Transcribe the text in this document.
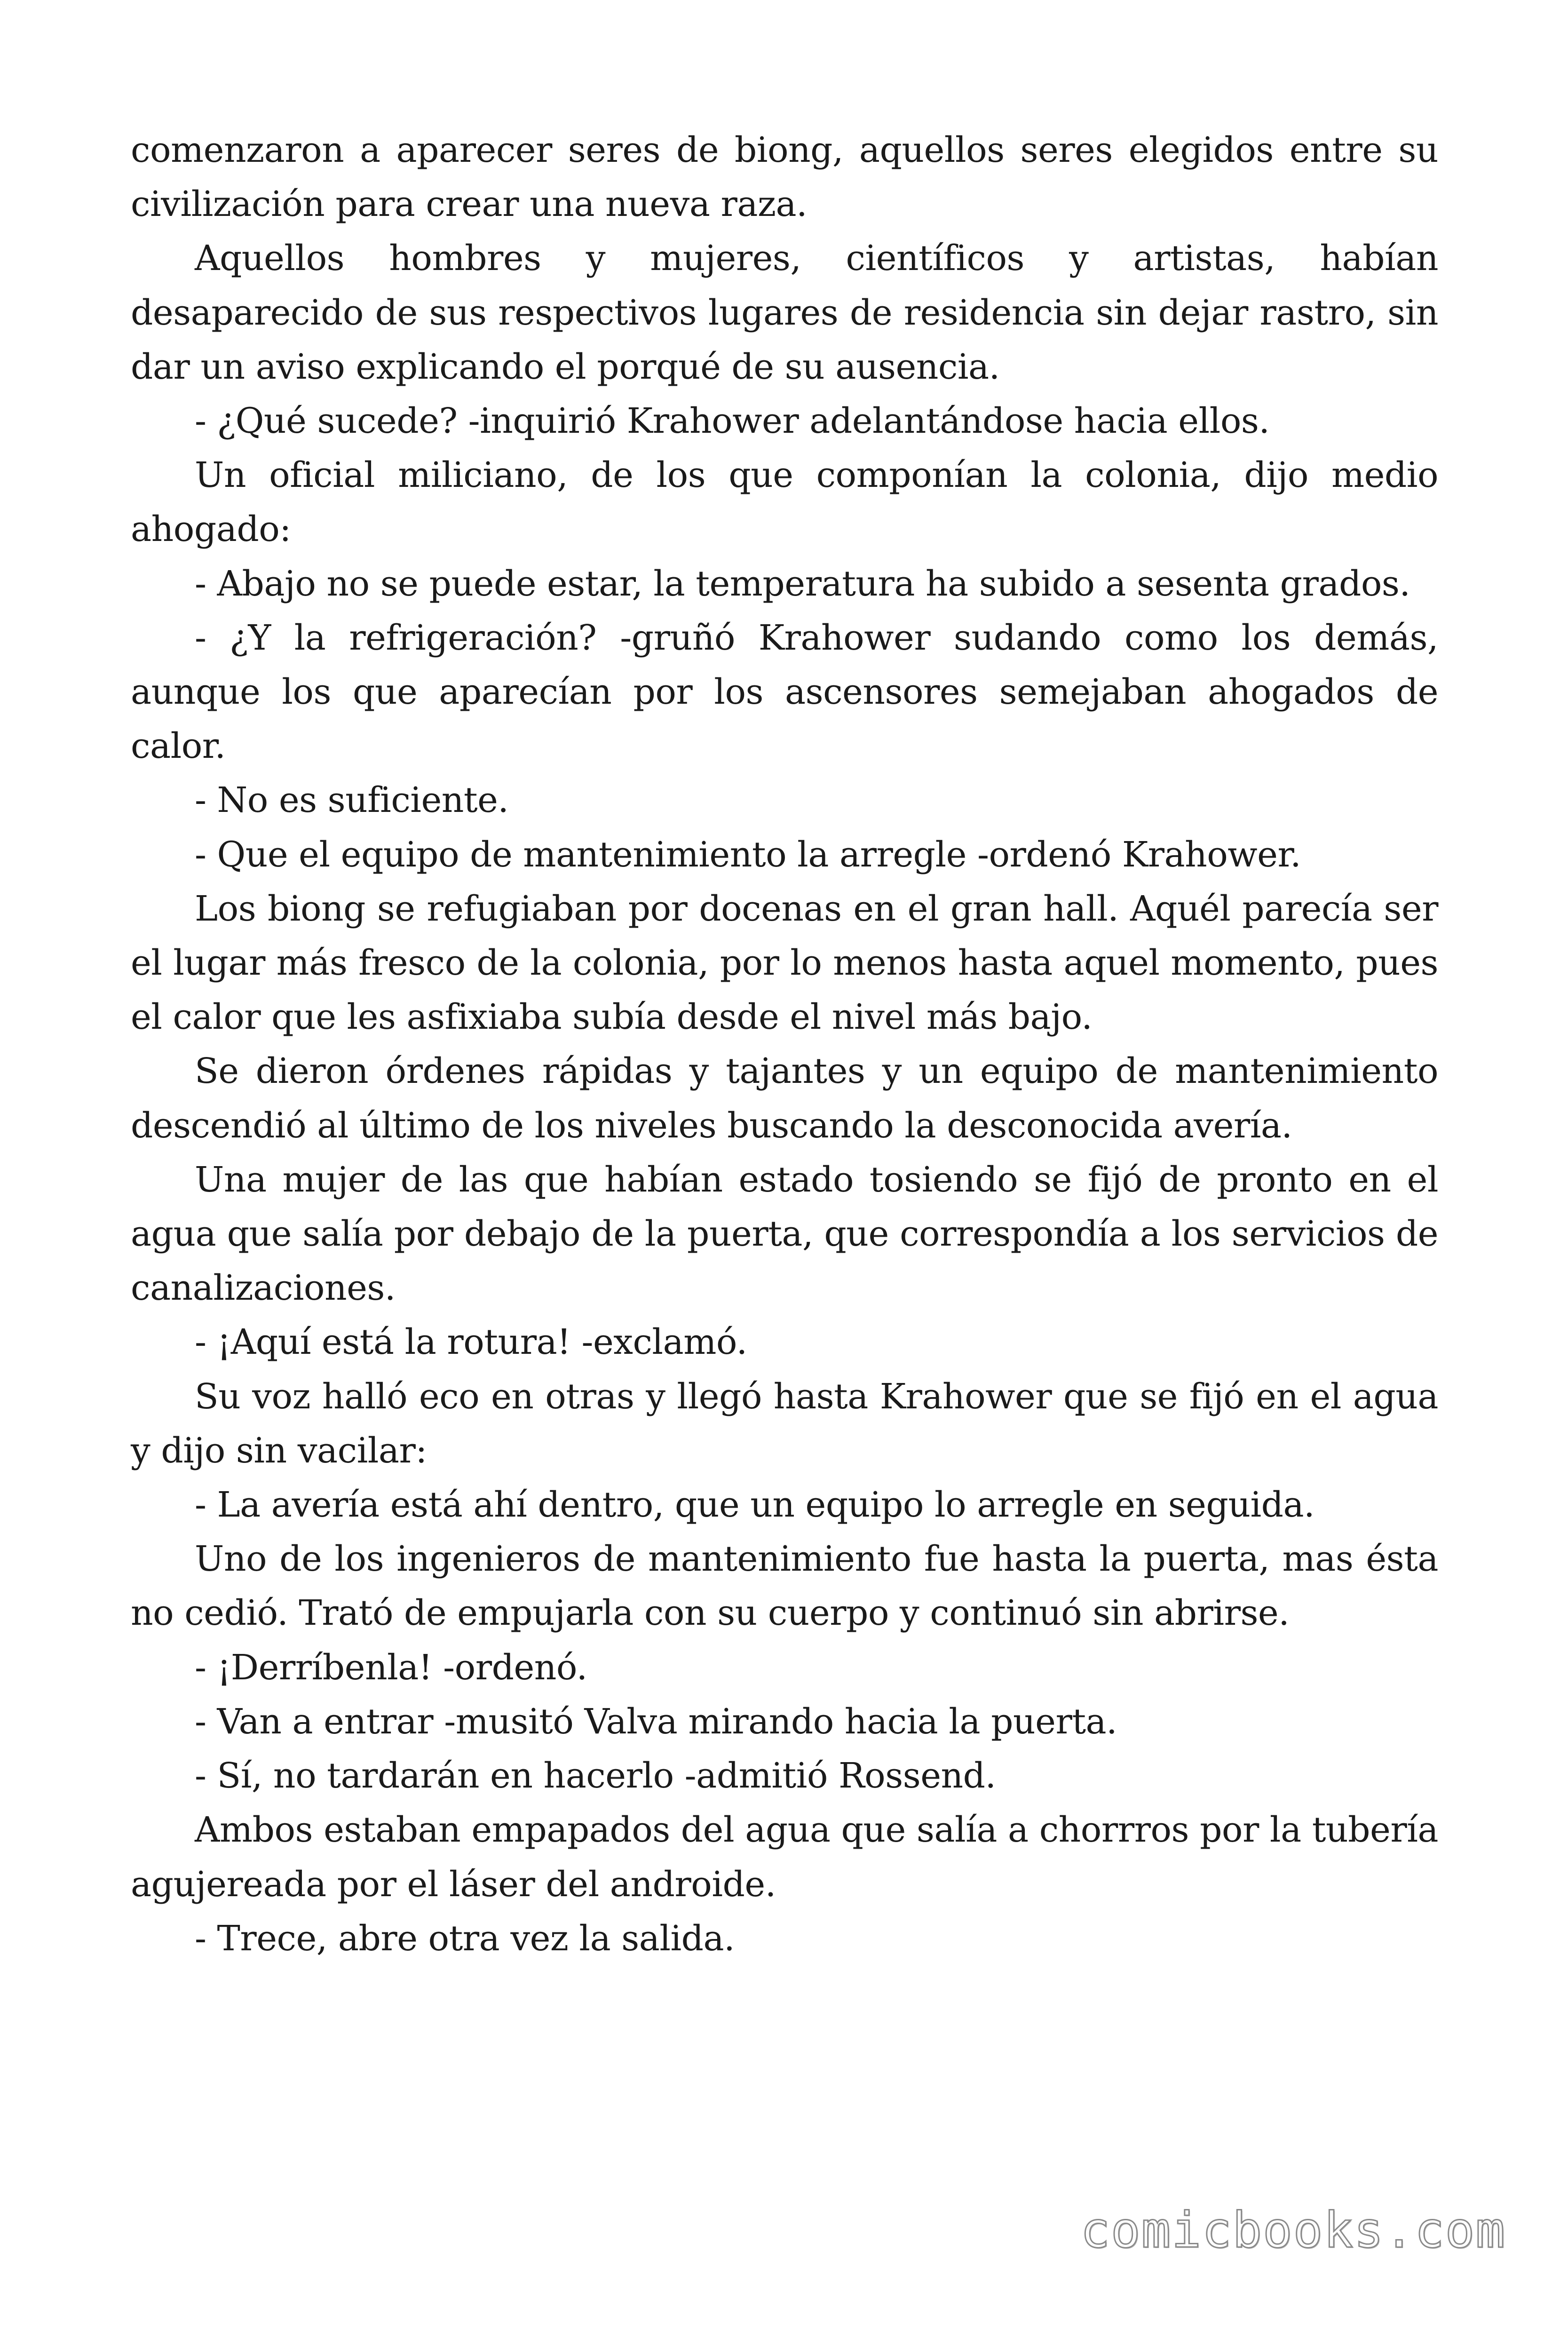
comenzaron a aparecer seres de biong, aquellos seres elegidos entre su civilización para crear una nueva raza.

Aquellos hombres y mujeres, científicos y artistas, habían desaparecido de sus respectivos lugares de residencia sin dejar rastro, sin dar un aviso explicando el porqué de su ausencia.

- ¿Qué sucede? -inquirió Krahower adelantándose hacia ellos.

Un oficial miliciano, de los que componían la colonia, dijo medio ahogado:

- Abajo no se puede estar, la temperatura ha subido a sesenta grados.

- ¿Y la refrigeración? -gruñó Krahower sudando como los demás, aunque los que aparecían por los ascensores semejaban ahogados de calor.

- No es suficiente.

- Que el equipo de mantenimiento la arregle -ordenó Krahower.

Los biong se refugiaban por docenas en el gran hall. Aquél parecía ser el lugar más fresco de la colonia, por lo menos hasta aquel momento, pues el calor que les asfixiaba subía desde el nivel más bajo.

Se dieron órdenes rápidas y tajantes y un equipo de mantenimiento descendió al último de los niveles buscando la desconocida avería.

Una mujer de las que habían estado tosiendo se fijó de pronto en el agua que salía por debajo de la puerta, que correspondía a los servicios de canalizaciones.

- ¡Aquí está la rotura! -exclamó.

Su voz halló eco en otras y llegó hasta Krahower que se fijó en el agua y dijo sin vacilar:

- La avería está ahí dentro, que un equipo lo arregle en seguida.

Uno de los ingenieros de mantenimiento fue hasta la puerta, mas ésta no cedió. Trató de empujarla con su cuerpo y continuó sin abrirse.

- ¡Derríbenla! -ordenó.

- Van a entrar -musitó Valva mirando hacia la puerta.

- Sí, no tardarán en hacerlo -admitió Rossend.

Ambos estaban empapados del agua que salía a chorrros por la tubería agujereada por el láser del androide.

- Trece, abre otra vez la salida.

comicbooks.com
